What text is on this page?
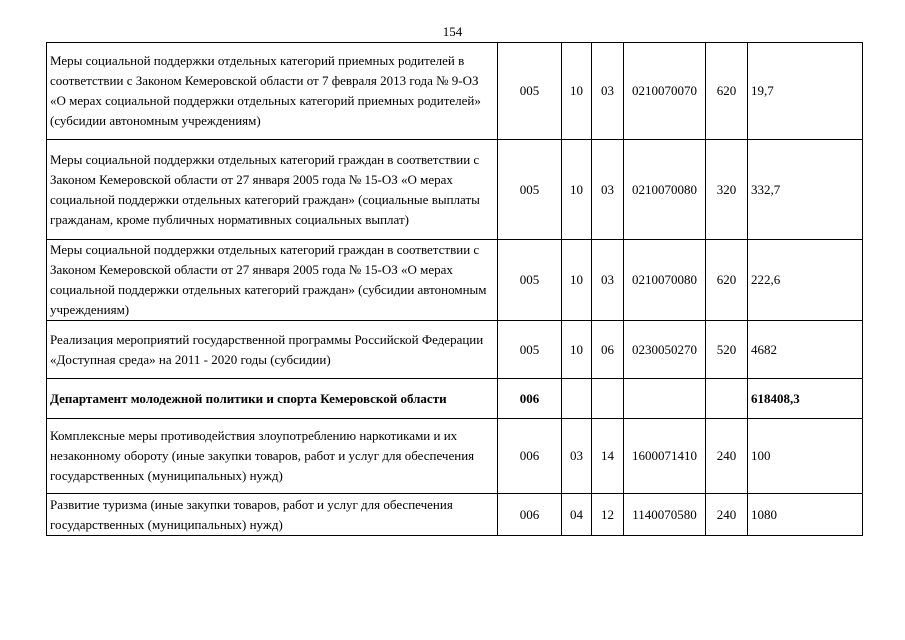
154
Меры социальной поддержки отдельных категорий приемных родителей в соответствии с Законом Кемеровской области от 7 февраля 2013 года № 9-ОЗ «О мерах социальной поддержки отдельных категорий приемных родителей» (субсидии автономным учреждениям)	005	10	03	0210070070	620	19,7
Меры социальной поддержки отдельных категорий граждан в соответствии с Законом Кемеровской области от 27 января 2005 года № 15-ОЗ «О мерах социальной поддержки отдельных категорий граждан» (социальные выплаты гражданам, кроме публичных нормативных социальных выплат)	005	10	03	0210070080	320	332,7
Меры социальной поддержки отдельных категорий граждан в соответствии с Законом Кемеровской области от 27 января 2005 года № 15-ОЗ «О мерах социальной поддержки отдельных категорий граждан» (субсидии автономным учреждениям)	005	10	03	0210070080	620	222,6
Реализация мероприятий государственной программы Российской Федерации «Доступная среда» на 2011 - 2020 годы (субсидии)	005	10	06	0230050270	520	4682
Департамент молодежной политики и спорта Кемеровской области	006					618408,3
Комплексные меры противодействия злоупотреблению наркотиками и их незаконному обороту (иные закупки товаров, работ и услуг для обеспечения государственных (муниципальных) нужд)	006	03	14	1600071410	240	100
Развитие туризма (иные закупки товаров, работ и услуг для обеспечения государственных (муниципальных) нужд)	006	04	12	1140070580	240	1080
